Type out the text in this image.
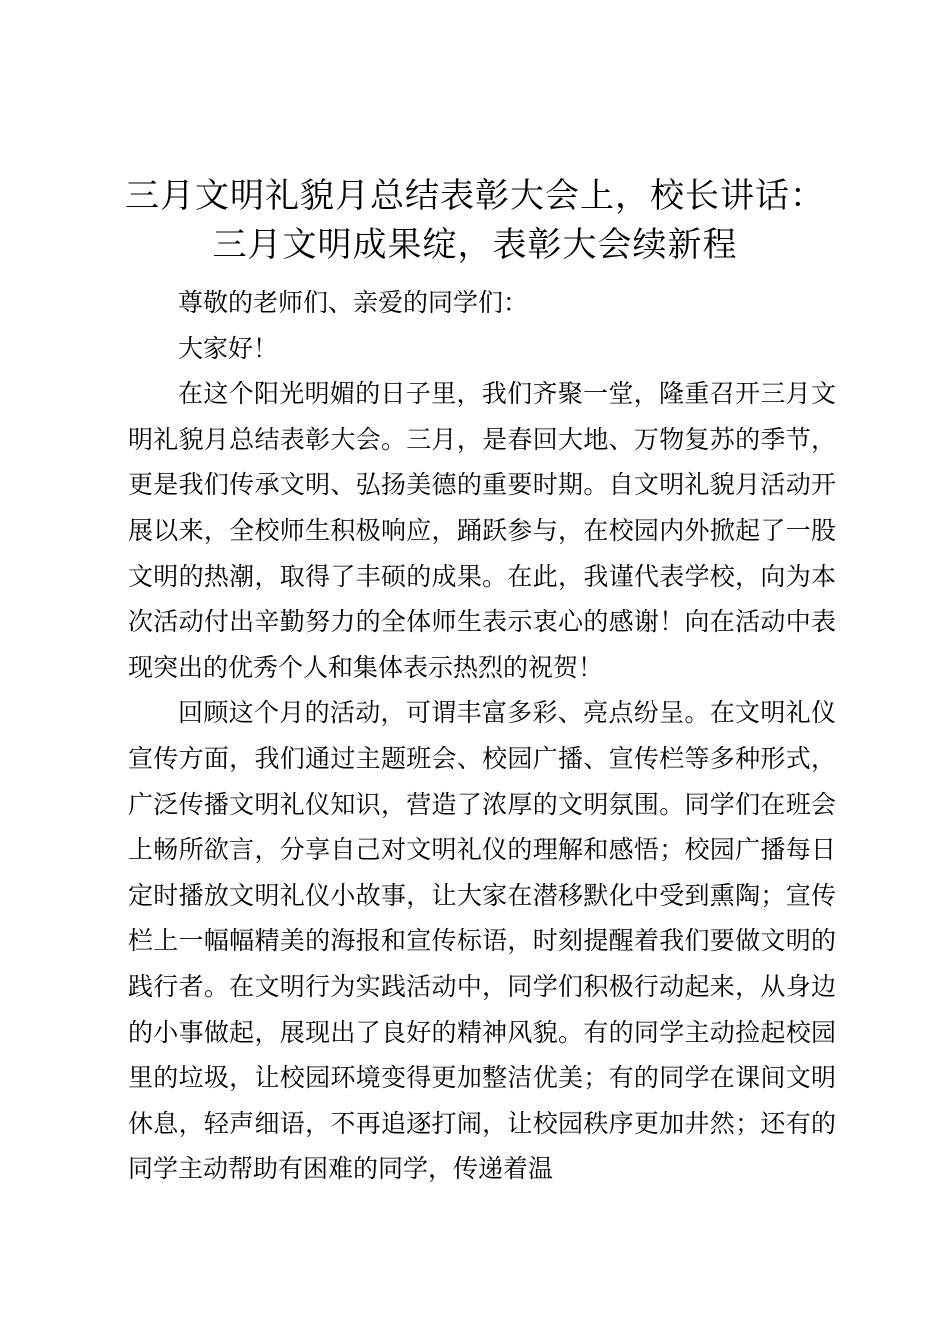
三月文明礼貌月总结表彰大会上，校长讲话：
三月文明成果绽，表彰大会续新程

尊敬的老师们、亲爱的同学们：

大家好！

在这个阳光明媚的日子里，我们齐聚一堂，隆重召开三月文明礼貌月总结表彰大会。三月，是春回大地、万物复苏的季节，更是我们传承文明、弘扬美德的重要时期。自文明礼貌月活动开展以来，全校师生积极响应，踊跃参与，在校园内外掀起了一股文明的热潮，取得了丰硕的成果。在此，我谨代表学校，向为本次活动付出辛勤努力的全体师生表示衷心的感谢！向在活动中表现突出的优秀个人和集体表示热烈的祝贺！

回顾这个月的活动，可谓丰富多彩、亮点纷呈。在文明礼仪宣传方面，我们通过主题班会、校园广播、宣传栏等多种形式，广泛传播文明礼仪知识，营造了浓厚的文明氛围。同学们在班会上畅所欲言，分享自己对文明礼仪的理解和感悟；校园广播每日定时播放文明礼仪小故事，让大家在潜移默化中受到熏陶；宣传栏上一幅幅精美的海报和宣传标语，时刻提醒着我们要做文明的践行者。在文明行为实践活动中，同学们积极行动起来，从身边的小事做起，展现出了良好的精神风貌。有的同学主动捡起校园里的垃圾，让校园环境变得更加整洁优美；有的同学在课间文明休息，轻声细语，不再追逐打闹，让校园秩序更加井然；还有的同学主动帮助有困难的同学，传递着温
